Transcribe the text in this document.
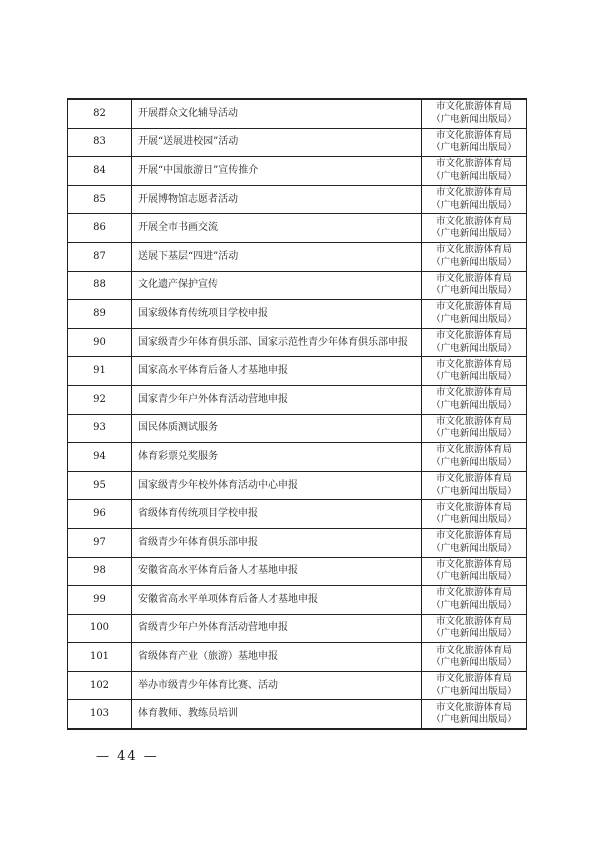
82	开展群众文化辅导活动	市文化旅游体育局
（广电新闻出版局）

83	开展“送展进校园”活动	市文化旅游体育局
（广电新闻出版局）

84	开展“中国旅游日”宣传推介	市文化旅游体育局
（广电新闻出版局）

85	开展博物馆志愿者活动	市文化旅游体育局
（广电新闻出版局）

86	开展全市书画交流	市文化旅游体育局
（广电新闻出版局）

87	送展下基层“四进”活动	市文化旅游体育局
（广电新闻出版局）

88	文化遗产保护宣传	市文化旅游体育局
（广电新闻出版局）

89	国家级体育传统项目学校申报	市文化旅游体育局
（广电新闻出版局）

90	国家级青少年体育俱乐部、国家示范性青少年体育俱乐部申报	市文化旅游体育局
（广电新闻出版局）

91	国家高水平体育后备人才基地申报	市文化旅游体育局
（广电新闻出版局）

92	国家青少年户外体育活动营地申报	市文化旅游体育局
（广电新闻出版局）

93	国民体质测试服务	市文化旅游体育局
（广电新闻出版局）

94	体育彩票兑奖服务	市文化旅游体育局
（广电新闻出版局）

95	国家级青少年校外体育活动中心申报	市文化旅游体育局
（广电新闻出版局）

96	省级体育传统项目学校申报	市文化旅游体育局
（广电新闻出版局）

97	省级青少年体育俱乐部申报	市文化旅游体育局
（广电新闻出版局）

98	安徽省高水平体育后备人才基地申报	市文化旅游体育局
（广电新闻出版局）

99	安徽省高水平单项体育后备人才基地申报	市文化旅游体育局
（广电新闻出版局）

100	省级青少年户外体育活动营地申报	市文化旅游体育局
（广电新闻出版局）

101	省级体育产业（旅游）基地申报	市文化旅游体育局
（广电新闻出版局）

102	举办市级青少年体育比赛、活动	市文化旅游体育局
（广电新闻出版局）

103	体育教师、教练员培训	市文化旅游体育局
（广电新闻出版局）
— 44 —
